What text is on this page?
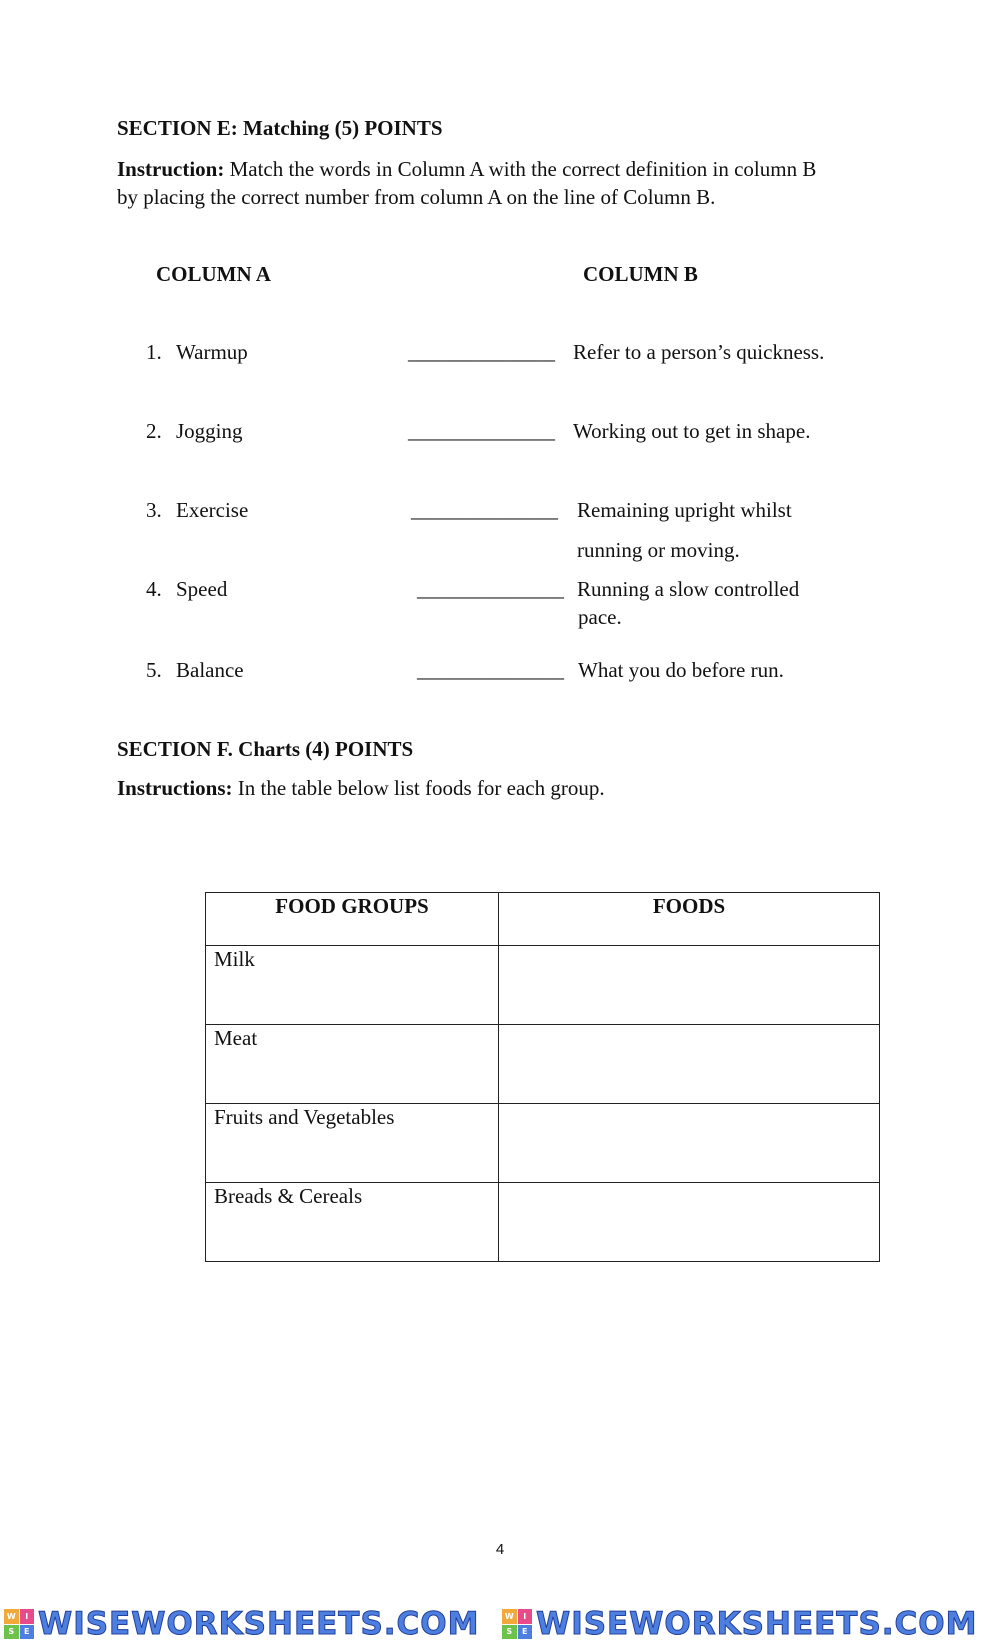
SECTION E: Matching (5) POINTS
Instruction: Match the words in Column A with the correct definition in column B
by placing the correct number from column A on the line of Column B.
COLUMN A	COLUMN B
1. Warmup	______________ Refer to a person’s quickness.
2. Jogging	______________ Working out to get in shape.
3. Exercise	______________ Remaining upright whilst
running or moving.
4. Speed	______________ Running a slow controlled
pace.
5. Balance	______________ What you do before run.
SECTION F. Charts (4) POINTS
Instructions: In the table below list foods for each group.
FOOD GROUPS	FOODS

Milk	
Meat	
Fruits and Vegetables	
Breads & Cereals	
4
W	I
S	E WISEWORKSHEETS.COM	W	I
S	E WISEWORKSHEETS.COM
